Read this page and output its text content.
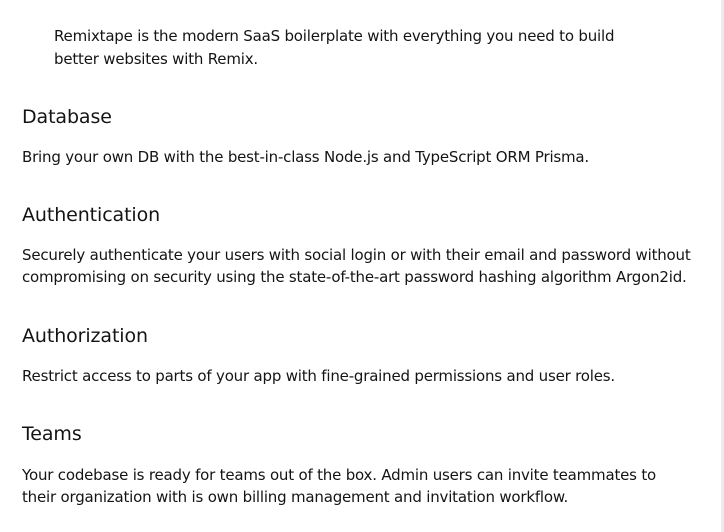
Remixtape is the modern SaaS boilerplate with everything you need to build better websites with Remix.

Database

Bring your own DB with the best-in-class Node.js and TypeScript ORM Prisma.

Authentication

Securely authenticate your users with social login or with their email and password without compromising on security using the state-of-the-art password hashing algorithm Argon2id.

Authorization

Restrict access to parts of your app with fine-grained permissions and user roles.

Teams

Your codebase is ready for teams out of the box. Admin users can invite teammates to their organization with is own billing management and invitation workflow.
